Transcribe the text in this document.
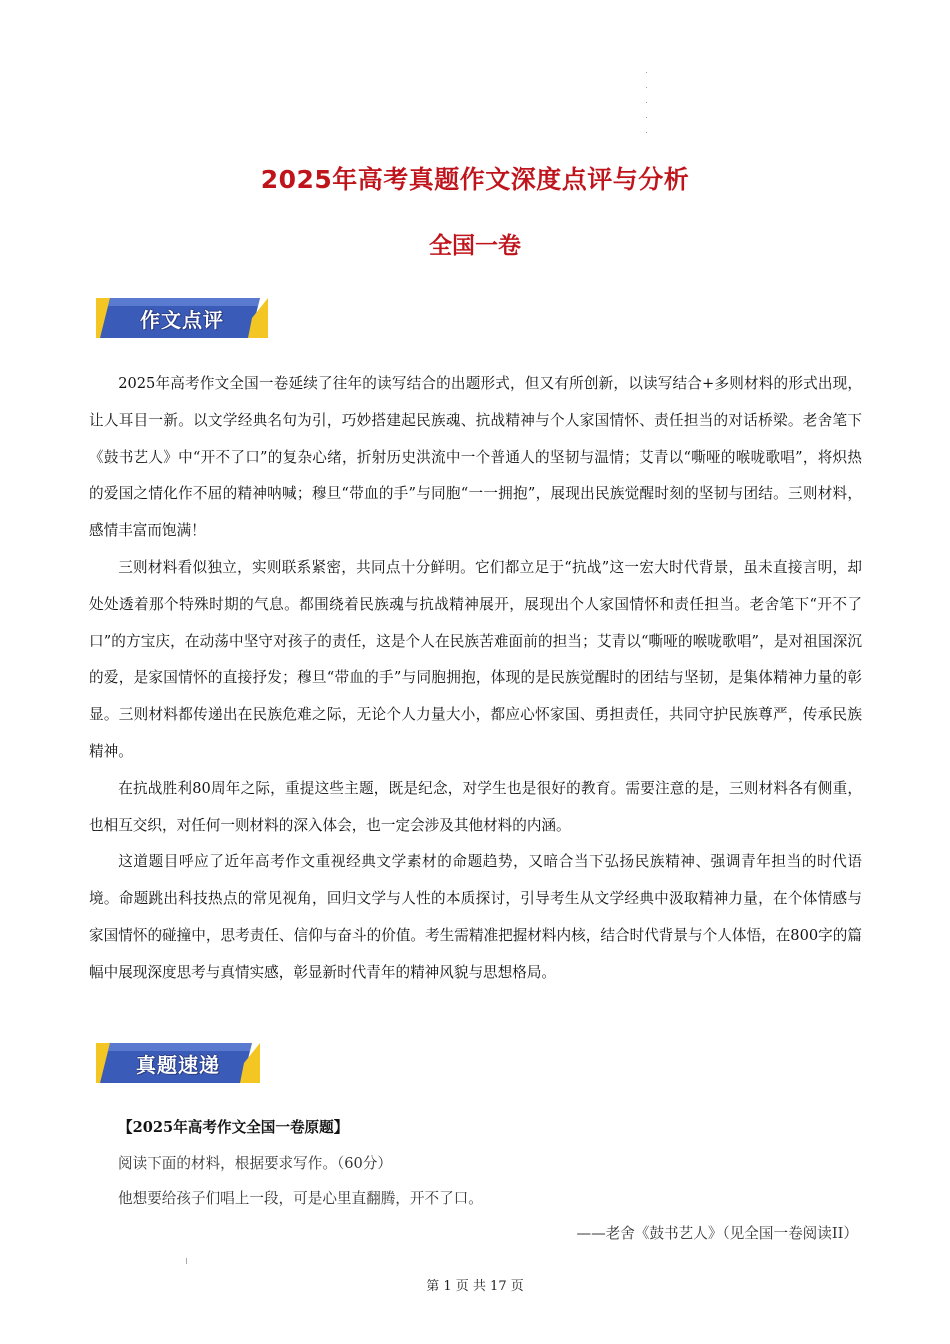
2025年高考真题作文深度点评与分析
全国一卷
作文点评

2025年高考作文全国一卷延续了往年的读写结合的出题形式，但又有所创新，以读写结合+多则材料的形式出现，让人耳目一新。以文学经典名句为引，巧妙搭建起民族魂、抗战精神与个人家国情怀、责任担当的对话桥梁。老舍笔下《鼓书艺人》中“开不了口”的复杂心绪，折射历史洪流中一个普通人的坚韧与温情；艾青以“嘶哑的喉咙歌唱”，将炽热的爱国之情化作不屈的精神呐喊；穆旦“带血的手”与同胞“一一拥抱”，展现出民族觉醒时刻的坚韧与团结。三则材料，感情丰富而饱满！

三则材料看似独立，实则联系紧密，共同点十分鲜明。它们都立足于“抗战”这一宏大时代背景，虽未直接言明，却处处透着那个特殊时期的气息。都围绕着民族魂与抗战精神展开，展现出个人家国情怀和责任担当。老舍笔下“开不了口”的方宝庆，在动荡中坚守对孩子的责任，这是个人在民族苦难面前的担当；艾青以“嘶哑的喉咙歌唱”，是对祖国深沉的爱，是家国情怀的直接抒发；穆旦“带血的手”与同胞拥抱，体现的是民族觉醒时的团结与坚韧，是集体精神力量的彰显。三则材料都传递出在民族危难之际，无论个人力量大小，都应心怀家国、勇担责任，共同守护民族尊严，传承民族精神。

在抗战胜利80周年之际，重提这些主题，既是纪念，对学生也是很好的教育。需要注意的是，三则材料各有侧重，也相互交织，对任何一则材料的深入体会，也一定会涉及其他材料的内涵。

这道题目呼应了近年高考作文重视经典文学素材的命题趋势，又暗合当下弘扬民族精神、强调青年担当的时代语境。命题跳出科技热点的常见视角，回归文学与人性的本质探讨，引导考生从文学经典中汲取精神力量，在个体情感与家国情怀的碰撞中，思考责任、信仰与奋斗的价值。考生需精准把握材料内核，结合时代背景与个人体悟，在800字的篇幅中展现深度思考与真情实感，彰显新时代青年的精神风貌与思想格局。

真题速递
【2025年高考作文全国一卷原题】
阅读下面的材料，根据要求写作。（60分）
他想要给孩子们唱上一段，可是心里直翻腾，开不了口。
——老舍《鼓书艺人》（见全国一卷阅读II）
第 1 页 共 17 页
